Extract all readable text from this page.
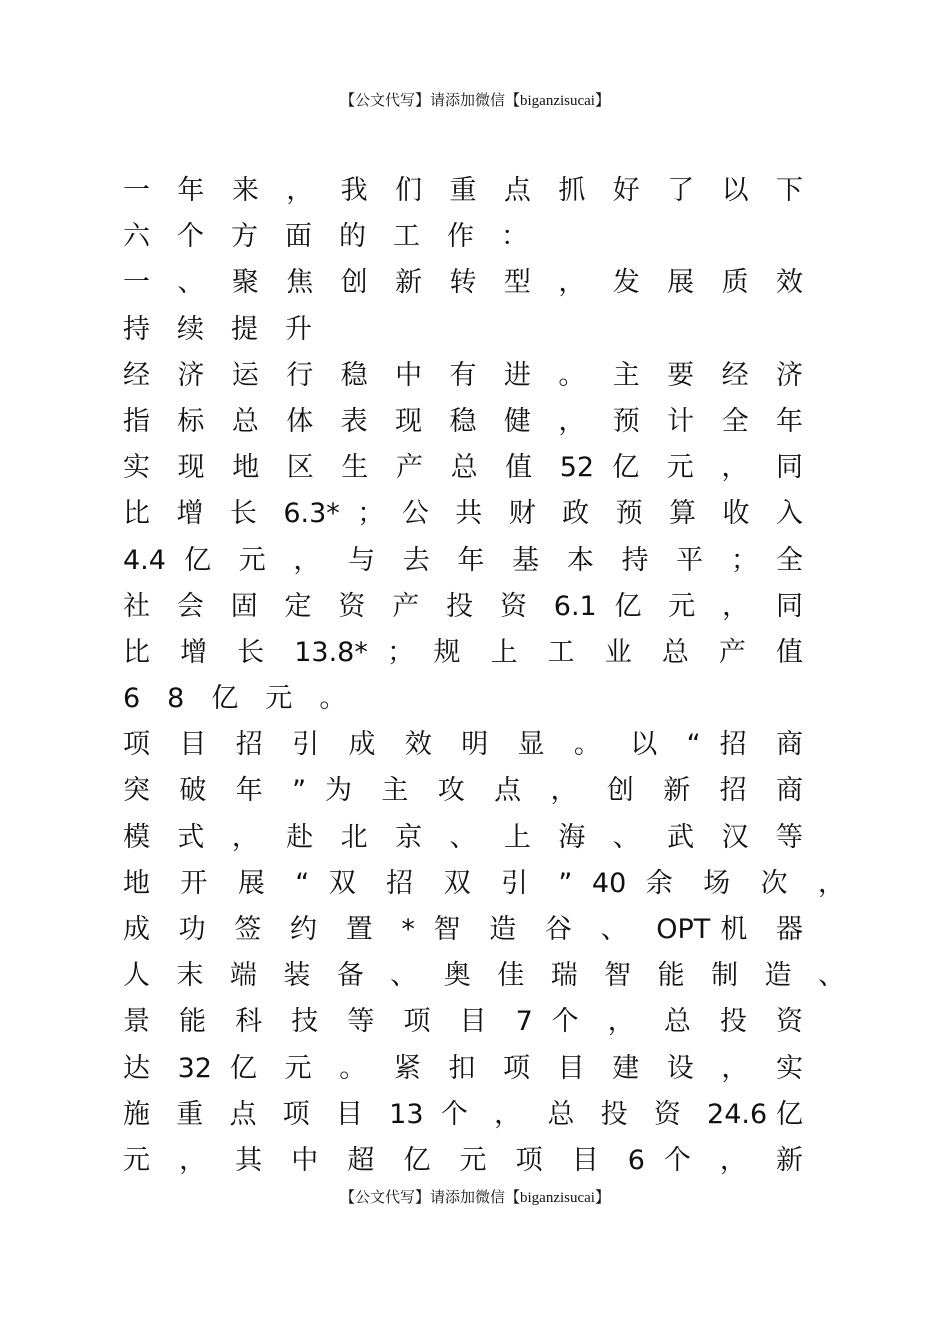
【公文代写】请添加微信【biganzisucai】
一 年 来 ， 我 们 重 点 抓 好 了 以 下
六个方面的工作：
一 、 聚 焦 创 新 转 型 ， 发 展 质 效
持续提升
经 济 运 行 稳 中 有 进 。 主 要 经 济
指 标 总 体 表 现 稳 健 ， 预 计 全 年
实 现 地 区 生 产 总 值 52 亿 元 ， 同
比 增 长 6.3* ； 公 共 财 政 预 算 收 入
4.4 亿 元 ， 与 去 年 基 本 持 平 ； 全
社 会 固 定 资 产 投 资 6.1 亿 元 ， 同
比 增 长 13.8* ； 规 上 工 业 总 产 值
68亿元。
项 目 招 引 成 效 明 显 。 以 “ 招 商
突 破 年 ” 为 主 攻 点 ， 创 新 招 商
模 式 ， 赴 北 京 、 上 海 、 武 汉 等
地 开 展 “ 双 招 双 引 ” 40 余 场 次 ，
成 功 签 约 置 * 智 造 谷 、 OPT机 器
人 末 端 装 备 、 奥 佳 瑞 智 能 制 造 、
景 能 科 技 等 项 目 7 个 ， 总 投 资
达 32 亿 元 。 紧 扣 项 目 建 设 ， 实
施 重 点 项 目 13 个 ， 总 投 资 24.6亿
元 ， 其 中 超 亿 元 项 目 6 个 ， 新
【公文代写】请添加微信【biganzisucai】
